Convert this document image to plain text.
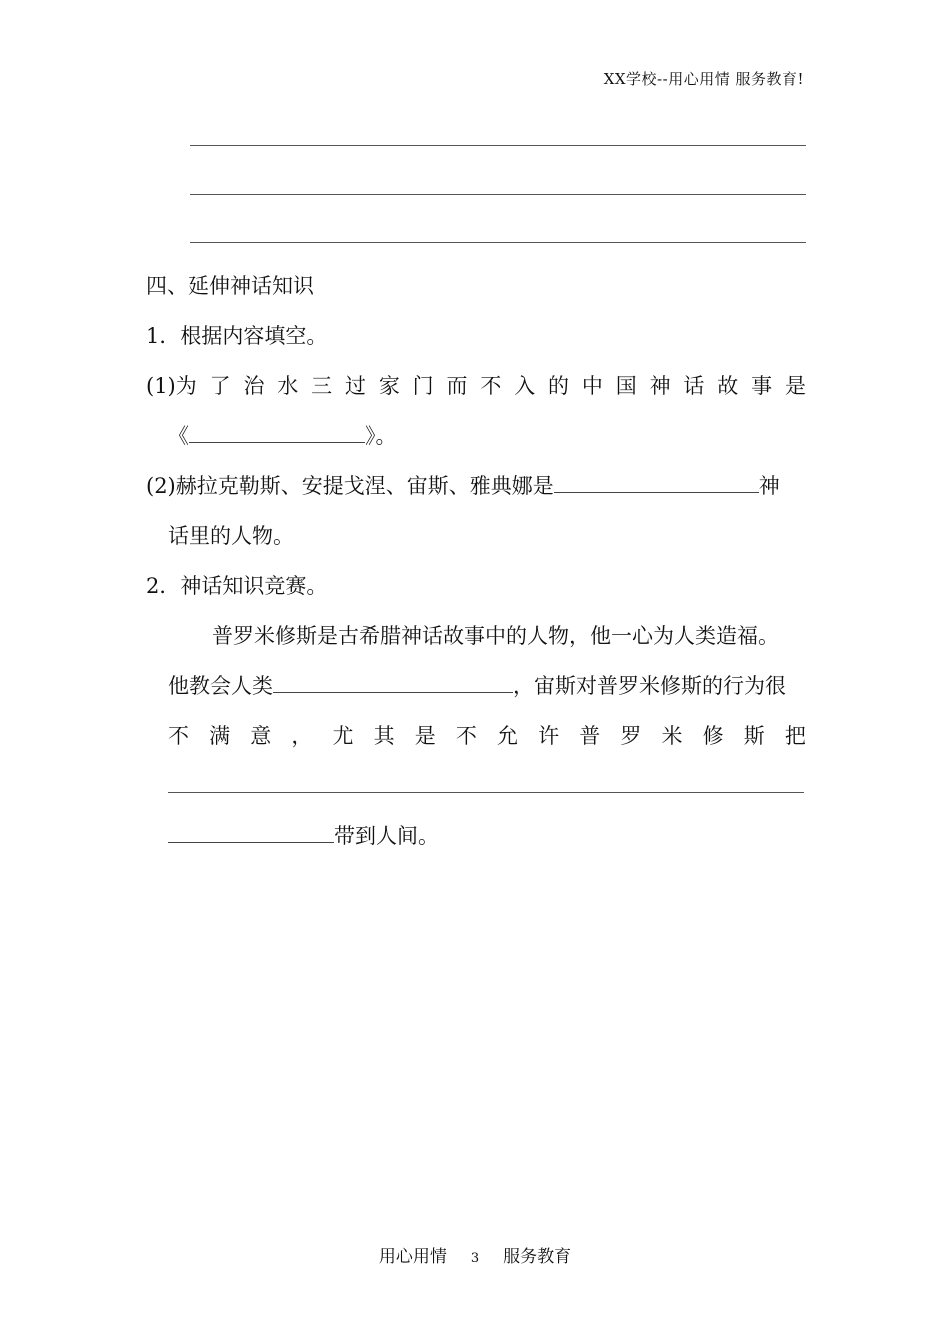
XX学校--用心用情 服务教育!
四、延伸神话知识
1．根据内容填空。
(1)为 了 治 水 三 过 家 门 而 不 入 的 中 国 神 话 故 事 是
《	》。
(2)赫拉克勒斯、安提戈涅、宙斯、雅典娜是	神
话里的人物。
2．神话知识竞赛。
普罗米修斯是古希腊神话故事中的人物，他一心为人类造福。
他教会人类	，宙斯对普罗米修斯的行为很
不 满 意 ， 尤 其 是 不 允 许 普 罗 米 修 斯 把
带到人间。
用心用情 3 服务教育
